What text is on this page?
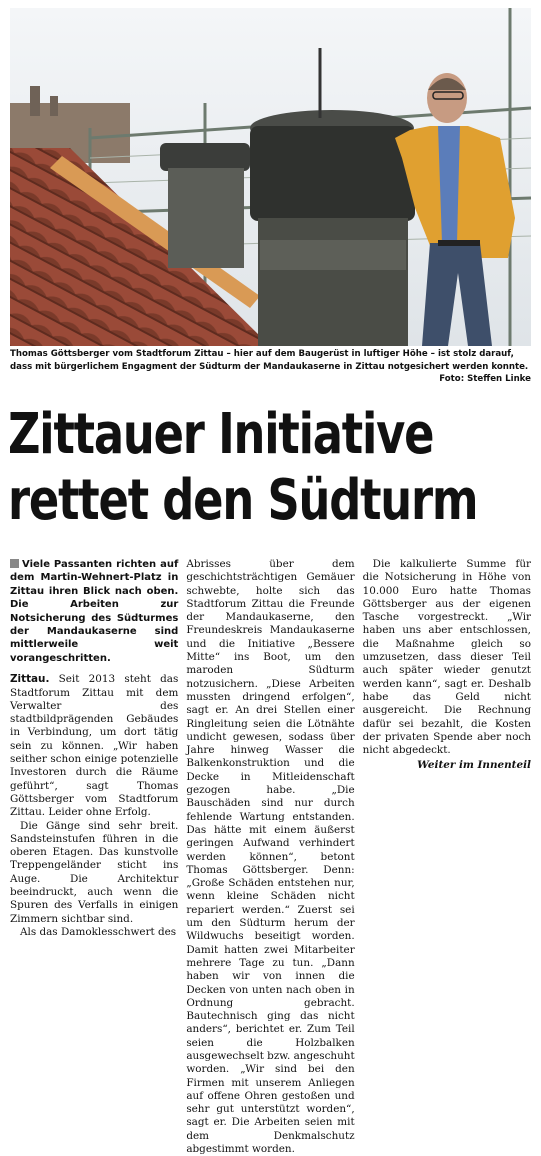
Thomas Göttsberger vom Stadtforum Zittau – hier auf dem Baugerüst in luftiger Höhe – ist stolz darauf, dass mit bürgerlichem Engagment der Südturm der Mandaukaserne in Zittau notgesichert werden konnte.
Foto: Steffen Linke
Zittauer Initiative
rettet den Südturm

Viele Passanten richten auf dem Martin-Wehnert-Platz in Zittau ihren Blick nach oben. Die Arbeiten zur Notsicherung des Südturmes der Mandaukaserne sind mittlerweile weit vorangeschritten.

Zittau. Seit 2013 steht das Stadtforum Zittau mit dem Verwalter des stadtbildprägenden Gebäudes in Verbindung, um dort tätig sein zu können. „Wir haben seither schon einige potenzielle Investoren durch die Räume geführt“, sagt Thomas Göttsberger vom Stadtforum Zittau. Leider ohne Erfolg.

Die Gänge sind sehr breit. Sandsteinstufen führen in die oberen Etagen. Das kunstvolle Treppengeländer sticht ins Auge. Die Architektur beeindruckt, auch wenn die Spuren des Verfalls in einigen Zimmern sichtbar sind.

Als das Damoklesschwert des

Abrisses über dem geschichtsträchtigen Gemäuer schwebte, holte sich das Stadtforum Zittau die Freunde der Mandaukaserne, den Freundeskreis Mandaukaserne und die Initiative „Bessere Mitte“ ins Boot, um den maroden Südturm notzusichern. „Diese Arbeiten mussten dringend erfolgen“, sagt er. An drei Stellen einer Ringleitung seien die Lötnähte undicht gewesen, sodass über Jahre hinweg Wasser die Balkenkonstruktion und die Decke in Mitleidenschaft gezogen habe. „Die Bauschäden sind nur durch fehlende Wartung entstanden. Das hätte mit einem äußerst geringen Aufwand verhindert werden können“, betont Thomas Göttsberger. Denn: „Große Schäden entstehen nur, wenn kleine Schäden nicht repariert werden.“ Zuerst sei um den Südturm herum der Wildwuchs beseitigt worden. Damit hatten zwei Mitarbeiter mehrere Tage zu tun. „Dann haben wir von innen die Decken von unten nach oben in Ordnung gebracht. Bautechnisch ging das nicht anders“, berichtet er. Zum Teil seien die Holzbalken ausgewechselt bzw. angeschuht worden. „Wir sind bei den Firmen mit unserem Anliegen auf offene Ohren gestoßen und sehr gut unterstützt worden“, sagt er. Die Arbeiten seien mit dem Denkmalschutz abgestimmt worden.

Die kalkulierte Summe für die Notsicherung in Höhe von 10.000 Euro hatte Thomas Göttsberger aus der eigenen Tasche vorgestreckt. „Wir haben uns aber entschlossen, die Maßnahme gleich so umzusetzen, dass dieser Teil auch später wieder genutzt werden kann“, sagt er. Deshalb habe das Geld nicht ausgereicht. Die Rechnung dafür sei bezahlt, die Kosten der privaten Spende aber noch nicht abgedeckt.

Weiter im Innenteil
